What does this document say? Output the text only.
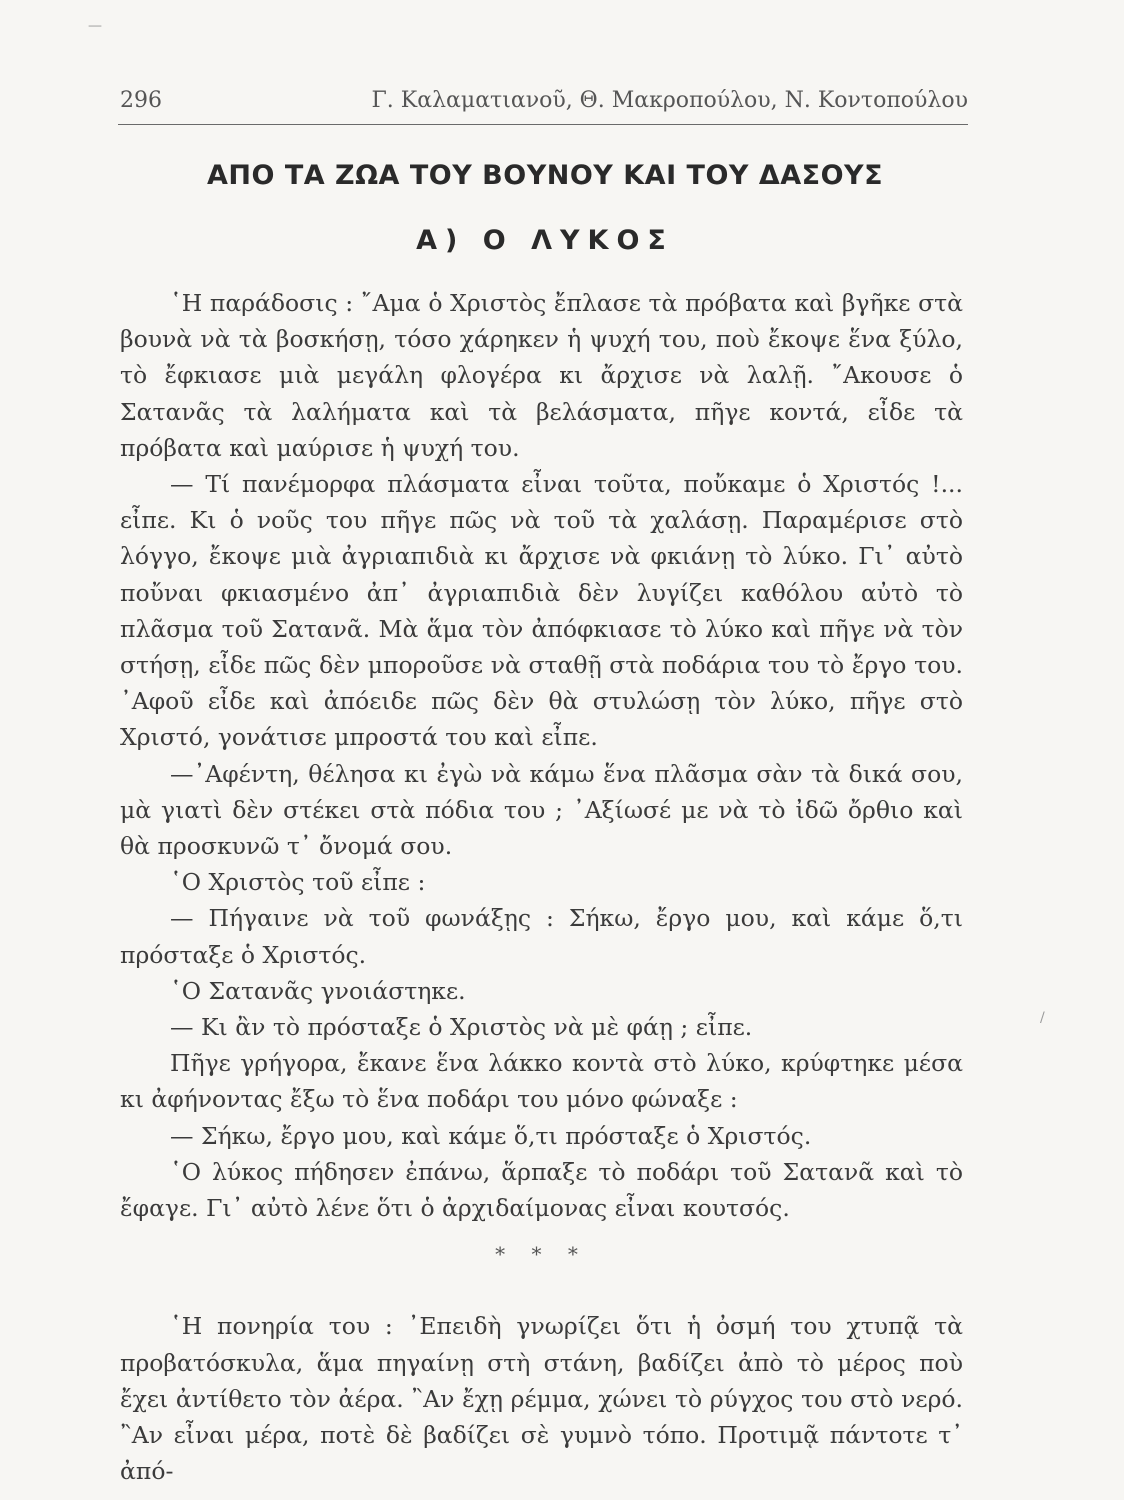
296	Γ. Καλαματιανοῦ, Θ. Μακροπούλου, Ν. Κοντοπούλου
ΑΠΟ ΤΑ ΖΩΑ ΤΟΥ ΒΟΥΝΟΥ ΚΑΙ ΤΟΥ ΔΑΣΟΥΣ
Α) Ο ΛΥΚΟΣ

῾Η παράδοσις : ῎Αμα ὁ Χριστὸς ἔπλασε τὰ πρόβατα καὶ βγῆκε στὰ βουνὰ νὰ τὰ βοσκήσῃ, τόσο χάρηκεν ἡ ψυχή του, ποὺ ἔκοψε ἕνα ξύλο, τὸ ἔφκιασε μιὰ μεγάλη φλογέρα κι ἄρχισε νὰ λαλῇ. ῎Ακουσε ὁ Σατανᾶς τὰ λαλήματα καὶ τὰ βελάσματα, πῆγε κοντά, εἶδε τὰ πρόβατα καὶ μαύρισε ἡ ψυχή του.

— Τί πανέμορφα πλάσματα εἶναι τοῦτα, ποὔκαμε ὁ Χριστός !... εἶπε. Κι ὁ νοῦς του πῆγε πῶς νὰ τοῦ τὰ χαλάσῃ. Παραμέρισε στὸ λόγγο, ἔκοψε μιὰ ἀγριαπιδιὰ κι ἄρχισε νὰ φκιάνῃ τὸ λύκο. Γι᾿ αὐτὸ ποὔναι φκιασμένο ἀπ᾿ ἀγριαπιδιὰ δὲν λυγίζει καθόλου αὐτὸ τὸ πλᾶσμα τοῦ Σατανᾶ. Μὰ ἅμα τὸν ἀπόφκιασε τὸ λύκο καὶ πῆγε νὰ τὸν στήσῃ, εἶδε πῶς δὲν μποροῦσε νὰ σταθῇ στὰ ποδάρια του τὸ ἔργο του. ᾿Αφοῦ εἶδε καὶ ἀπόειδε πῶς δὲν θὰ στυλώσῃ τὸν λύκο, πῆγε στὸ Χριστό, γονάτισε μπροστά του καὶ εἶπε.

—᾿Αφέντη, θέλησα κι ἐγὼ νὰ κάμω ἕνα πλᾶσμα σὰν τὰ δικά σου, μὰ γιατὶ δὲν στέκει στὰ πόδια του ; ᾿Αξίωσέ με νὰ τὸ ἰδῶ ὄρθιο καὶ θὰ προσκυνῶ τ᾿ ὄνομά σου.

῾Ο Χριστὸς τοῦ εἶπε :

— Πήγαινε νὰ τοῦ φωνάξῃς : Σήκω, ἔργο μου, καὶ κάμε ὅ,τι πρόσταξε ὁ Χριστός.

῾Ο Σατανᾶς γνοιάστηκε.

— Κι ἂν τὸ πρόσταξε ὁ Χριστὸς νὰ μὲ φάῃ ; εἶπε.

Πῆγε γρήγορα, ἔκανε ἕνα λάκκο κοντὰ στὸ λύκο, κρύφτηκε μέσα κι ἀφήνοντας ἔξω τὸ ἕνα ποδάρι του μόνο φώναξε :

— Σήκω, ἔργο μου, καὶ κάμε ὅ,τι πρόσταξε ὁ Χριστός.

῾Ο λύκος πήδησεν ἐπάνω, ἅρπαξε τὸ ποδάρι τοῦ Σατανᾶ καὶ τὸ ἔφαγε. Γι᾿ αὐτὸ λένε ὅτι ὁ ἀρχιδαίμονας εἶναι κουτσός.

* * *

῾Η πονηρία του : ᾿Επειδὴ γνωρίζει ὅτι ἡ ὀσμή του χτυπᾷ τὰ προβατόσκυλα, ἅμα πηγαίνῃ στὴ στάνη, βαδίζει ἀπὸ τὸ μέρος ποὺ ἔχει ἀντίθετο τὸν ἀέρα. ῍Αν ἔχῃ ρέμμα, χώνει τὸ ρύγχος του στὸ νερό. ῍Αν εἶναι μέρα, ποτὲ δὲ βαδίζει σὲ γυμνὸ τόπο. Προτιμᾷ πάντοτε τ᾿ ἀπό-

—
/
